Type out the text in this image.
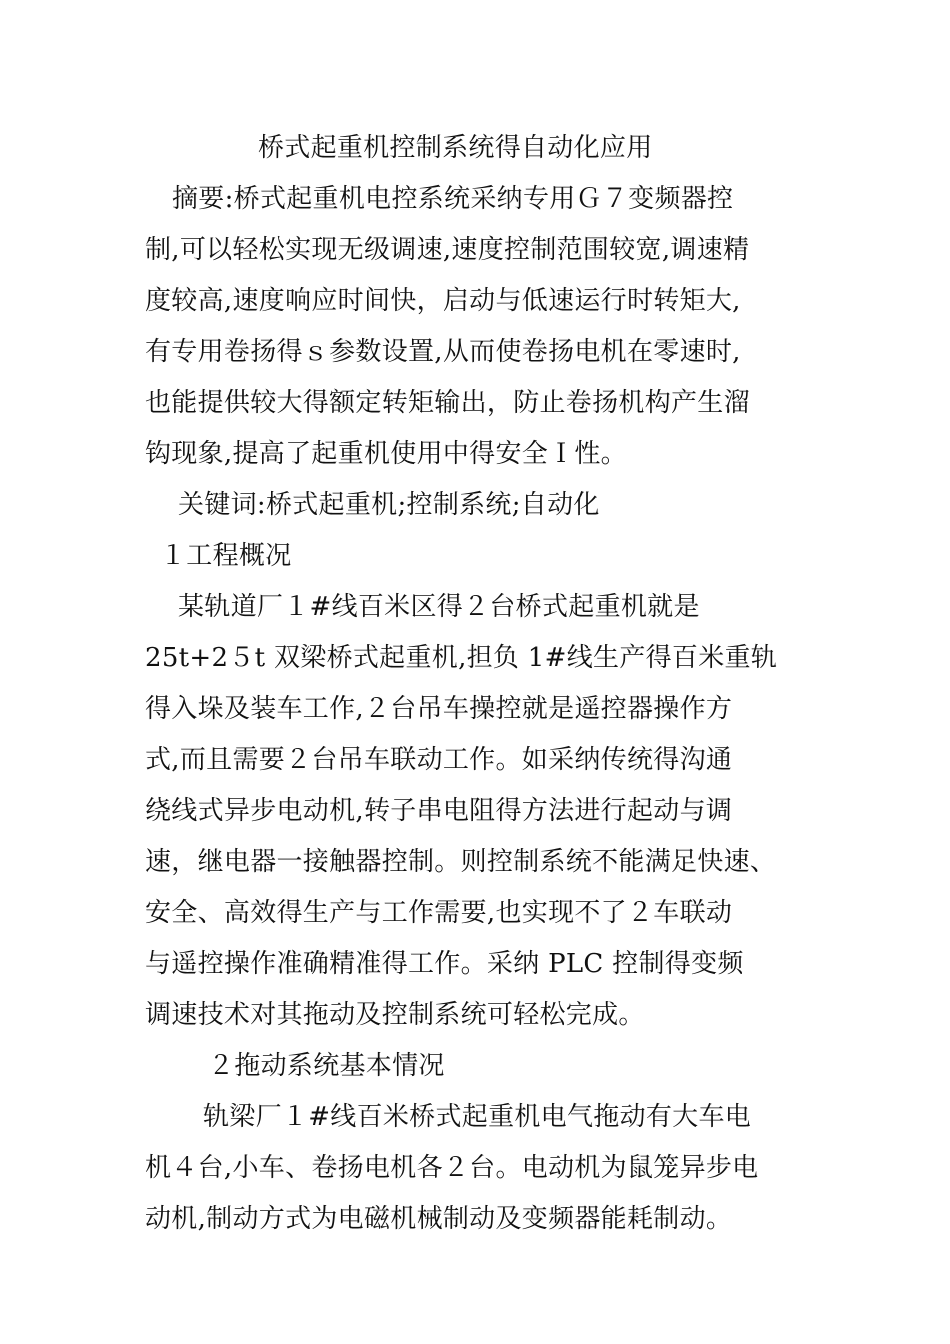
桥式起重机控制系统得自动化应用
摘要:桥式起重机电控系统采纳专用Ｇ７变频器控
制,可以轻松实现无级调速,速度控制范围较宽,调速精
度较高,速度响应时间快，启动与低速运行时转矩大,
有专用卷扬得ｓ参数设置,从而使卷扬电机在零速时,
也能提供较大得额定转矩输出，防止卷扬机构产生溜
钩现象,提高了起重机使用中得安全Ｉ性。
关键词:桥式起重机;控制系统;自动化
１工程概况
某轨道厂１#线百米区得２台桥式起重机就是
25t+2５t 双梁桥式起重机,担负 1#线生产得百米重轨
得入垛及装车工作,２台吊车操控就是遥控器操作方
式,而且需要２台吊车联动工作。如采纳传统得沟通
绕线式异步电动机,转子串电阻得方法进行起动与调
速，继电器一接触器控制。则控制系统不能满足快速、
安全、高效得生产与工作需要,也实现不了２车联动
与遥控操作准确精准得工作。采纳 PLC 控制得变频
调速技术对其拖动及控制系统可轻松完成。
２拖动系统基本情况
轨梁厂１#线百米桥式起重机电气拖动有大车电
机４台,小车、卷扬电机各２台。电动机为鼠笼异步电
动机,制动方式为电磁机械制动及变频器能耗制动。
